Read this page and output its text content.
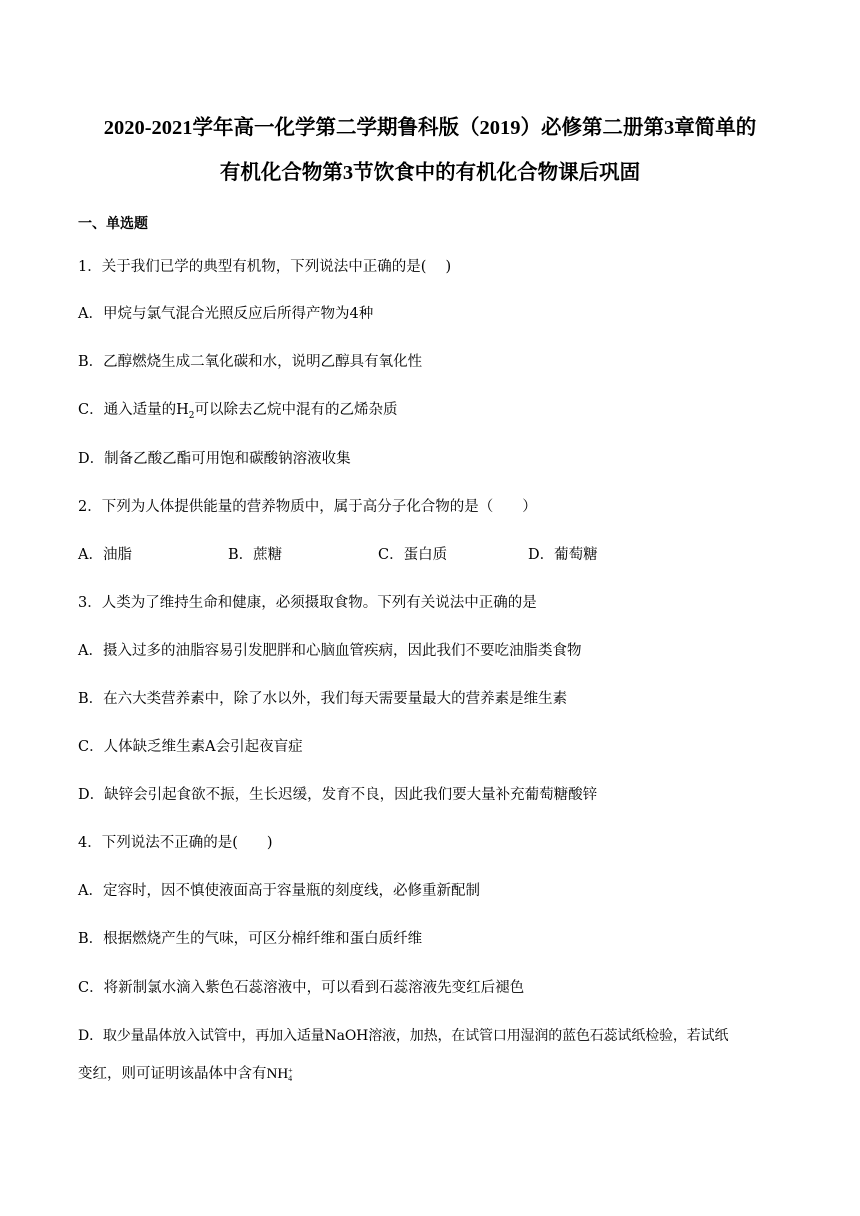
2020-2021学年高一化学第二学期鲁科版（2019）必修第二册第3章简单的
有机化合物第3节饮食中的有机化合物课后巩固
一、单选题
1．关于我们已学的典型有机物，下列说法中正确的是(　 )
A．甲烷与氯气混合光照反应后所得产物为4种
B．乙醇燃烧生成二氧化碳和水，说明乙醇具有氧化性
C．通入适量的$H_2$可以除去乙烷中混有的乙烯杂质
D．制备乙酸乙酯可用饱和碳酸钠溶液收集
2．下列为人体提供能量的营养物质中，属于高分子化合物的是（　　）
A．油脂	B．蔗糖	C．蛋白质	D．葡萄糖
3．人类为了维持生命和健康，必须摄取食物。下列有关说法中正确的是
A．摄入过多的油脂容易引发肥胖和心脑血管疾病，因此我们不要吃油脂类食物
B．在六大类营养素中，除了水以外，我们每天需要量最大的营养素是维生素
C．人体缺乏维生素A会引起夜盲症
D．缺锌会引起食欲不振，生长迟缓，发育不良，因此我们要大量补充葡萄糖酸锌
4．下列说法不正确的是(　　)
A．定容时，因不慎使液面高于容量瓶的刻度线，必修重新配制
B．根据燃烧产生的气味，可区分棉纤维和蛋白质纤维
C．将新制氯水滴入紫色石蕊溶液中，可以看到石蕊溶液先变红后褪色
D．取少量晶体放入试管中，再加入适量NaOH溶液，加热，在试管口用湿润的蓝色石蕊试纸检验，若试纸
变红，则可证明该晶体中含有NH +
4
